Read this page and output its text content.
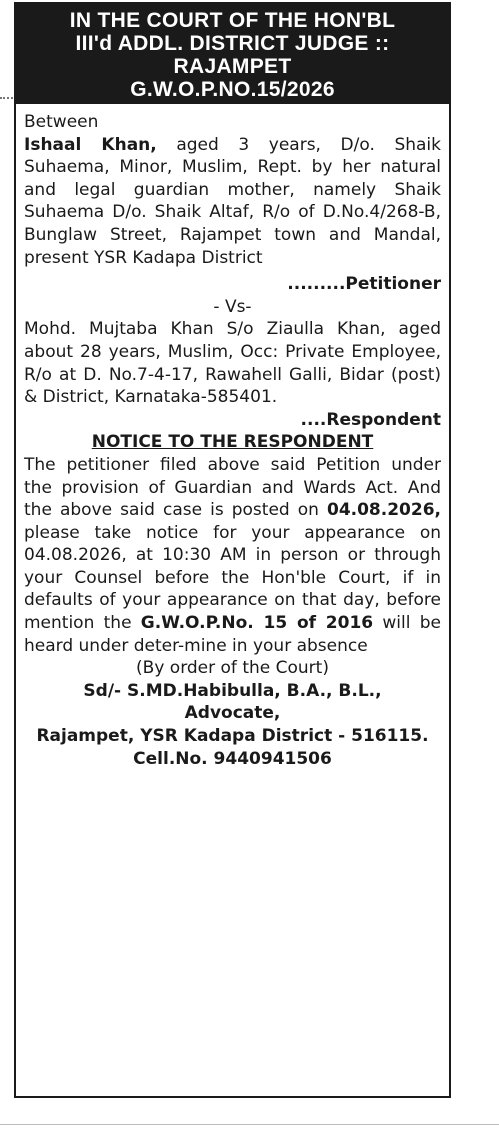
IN THE COURT OF THE HON'BL
III'd ADDL. DISTRICT JUDGE ::
RAJAMPET
G.W.O.P.NO.15/2026
Between
Ishaal Khan, aged 3 years, D/o. Shaik Suhaema, Minor, Muslim, Rept. by her natural and legal guardian mother, namely Shaik Suhaema D/o. Shaik Altaf, R/o of D.No.4/268-B, Bunglaw Street, Rajampet town and Mandal, present YSR Kadapa District
.........Petitioner
- Vs-
Mohd. Mujtaba Khan S/o Ziaulla Khan, aged about 28 years, Muslim, Occ: Private Employee, R/o at D. No.7-4-17, Rawahell Galli, Bidar (post) & District, Karnataka-585401.
....Respondent
NOTICE TO THE RESPONDENT
The petitioner filed above said Petition under the provision of Guardian and Wards Act. And the above said case is posted on 04.08.2026, please take notice for your appearance on 04.08.2026, at 10:30 AM in person or through your Counsel before the Hon'ble Court, if in defaults of your appearance on that day, before mention the G.W.O.P.No. 15 of 2016 will be heard under deter-mine in your absence
(By order of the Court)
Sd/- S.MD.Habibulla, B.A., B.L.,
Advocate,
Rajampet, YSR Kadapa District - 516115.
Cell.No. 9440941506
